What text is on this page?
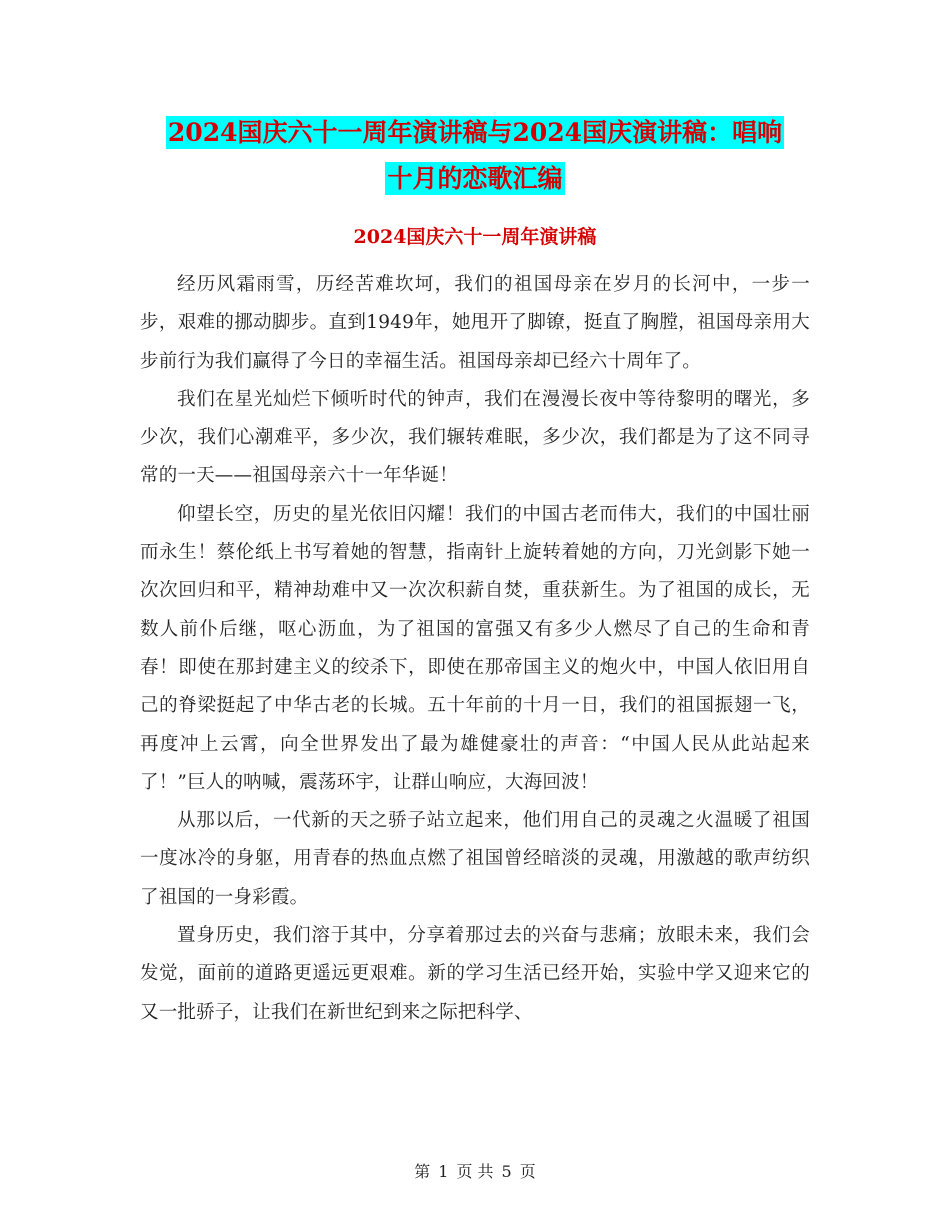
2024国庆六十一周年演讲稿与2024国庆演讲稿：唱响
十月的恋歌汇编
2024国庆六十一周年演讲稿

经历风霜雨雪，历经苦难坎坷，我们的祖国母亲在岁月的长河中，一步一步，艰难的挪动脚步。直到1949年，她甩开了脚镣，挺直了胸膛，祖国母亲用大步前行为我们赢得了今日的幸福生活。祖国母亲却已经六十周年了。

我们在星光灿烂下倾听时代的钟声，我们在漫漫长夜中等待黎明的曙光，多少次，我们心潮难平，多少次，我们辗转难眠，多少次，我们都是为了这不同寻常的一天——祖国母亲六十一年华诞！

仰望长空，历史的星光依旧闪耀！我们的中国古老而伟大，我们的中国壮丽而永生！蔡伦纸上书写着她的智慧，指南针上旋转着她的方向，刀光剑影下她一次次回归和平，精神劫难中又一次次积薪自焚，重获新生。为了祖国的成长，无数人前仆后继，呕心沥血，为了祖国的富强又有多少人燃尽了自己的生命和青春！即使在那封建主义的绞杀下，即使在那帝国主义的炮火中，中国人依旧用自己的脊梁挺起了中华古老的长城。五十年前的十月一日，我们的祖国振翅一飞，再度冲上云霄，向全世界发出了最为雄健豪壮的声音：“中国人民从此站起来了！”巨人的呐喊，震荡环宇，让群山响应，大海回波！

从那以后，一代新的天之骄子站立起来，他们用自己的灵魂之火温暖了祖国一度冰冷的身躯，用青春的热血点燃了祖国曾经暗淡的灵魂，用激越的歌声纺织了祖国的一身彩霞。

置身历史，我们溶于其中，分享着那过去的兴奋与悲痛；放眼未来，我们会发觉，面前的道路更遥远更艰难。新的学习生活已经开始，实验中学又迎来它的又一批骄子，让我们在新世纪到来之际把科学、

第 1 页 共 5 页
